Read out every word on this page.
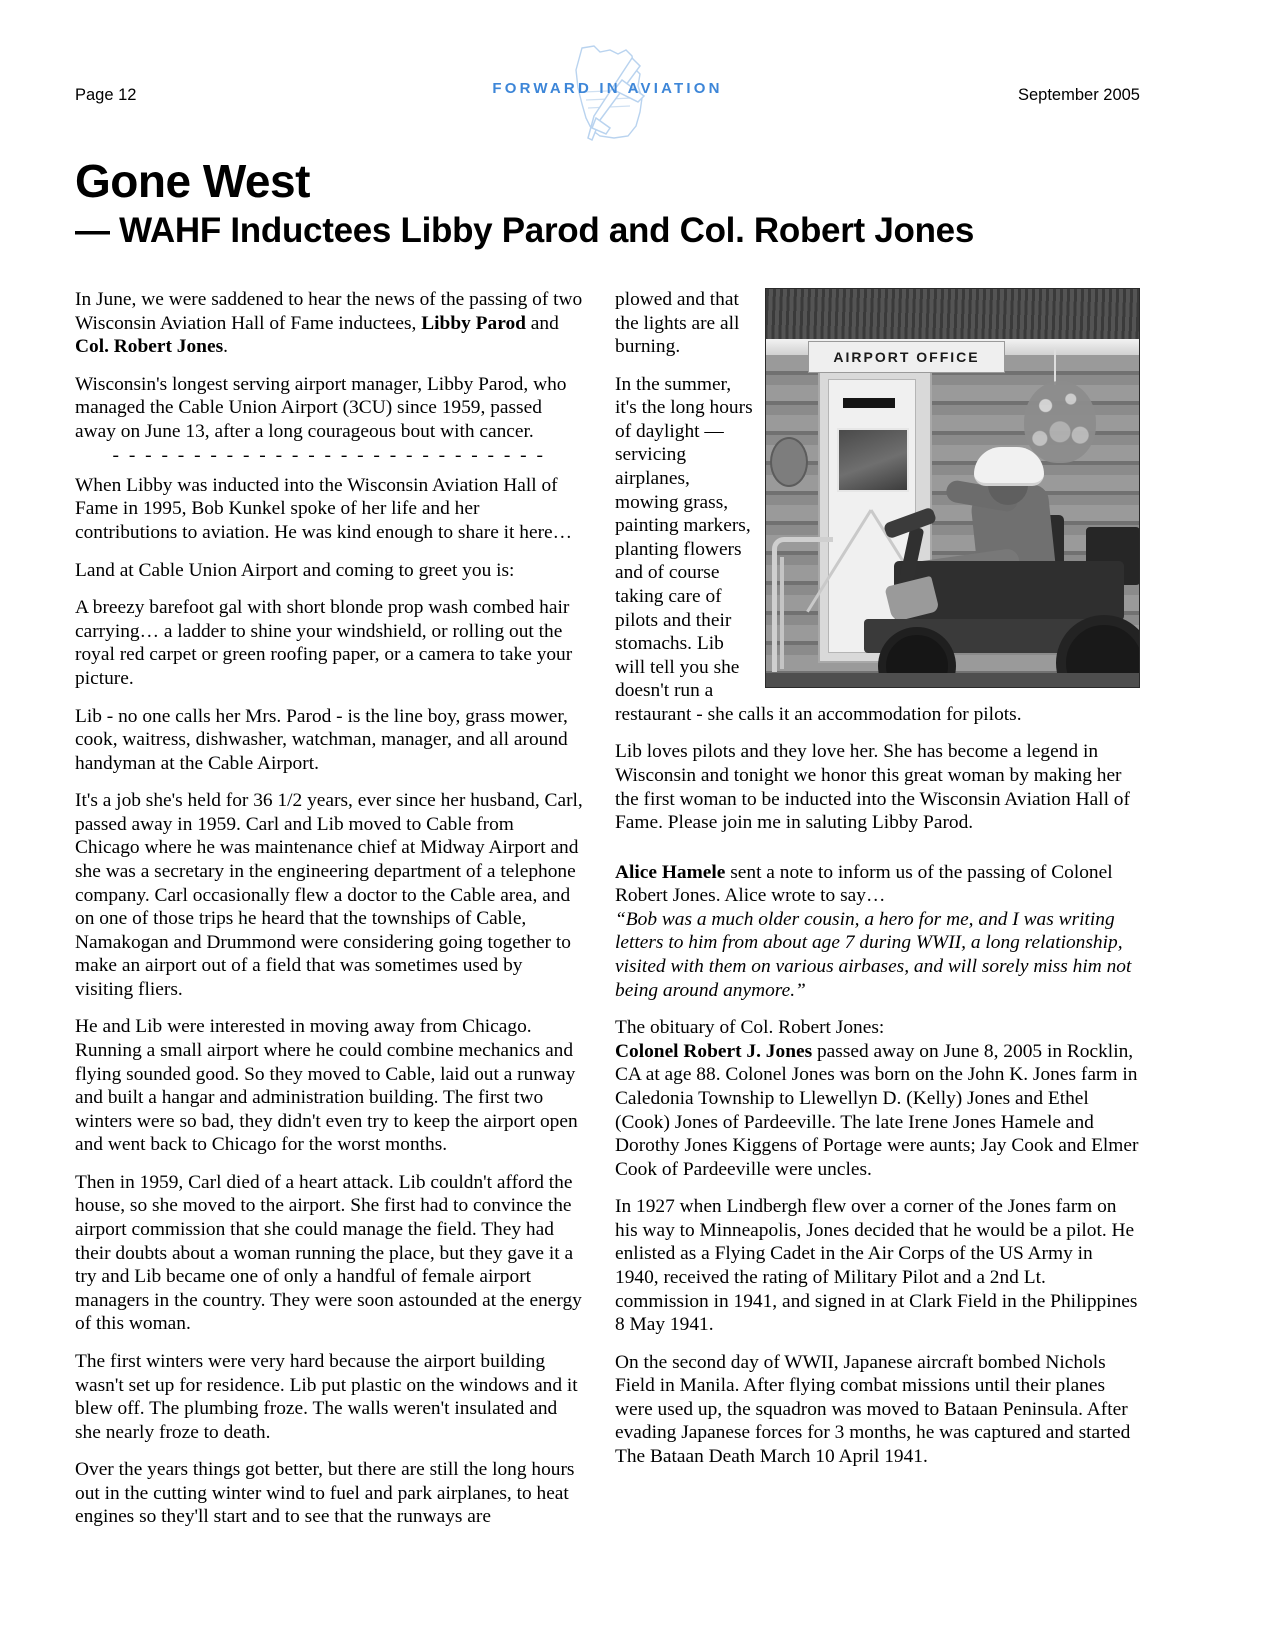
Page 12	FORWARD IN AVIATION	September 2005
Gone West
— WAHF Inductees Libby Parod and Col. Robert Jones

In June, we were saddened to hear the news of the passing of two Wisconsin Aviation Hall of Fame inductees, Libby Parod and Col. Robert Jones.

Wisconsin's longest serving airport manager, Libby Parod, who managed the Cable Union Airport (3CU) since 1959, passed away on June 13, after a long courageous bout with cancer.

- - - - - - - - - - - - - - - - - - - - - - - - - - -

When Libby was inducted into the Wisconsin Aviation Hall of Fame in 1995, Bob Kunkel spoke of her life and her contributions to aviation. He was kind enough to share it here…

Land at Cable Union Airport and coming to greet you is:

A breezy barefoot gal with short blonde prop wash combed hair carrying… a ladder to shine your windshield, or rolling out the royal red carpet or green roofing paper, or a camera to take your picture.

Lib - no one calls her Mrs. Parod - is the line boy, grass mower, cook, waitress, dishwasher, watchman, manager, and all around handyman at the Cable Airport.

It's a job she's held for 36 1/2 years, ever since her husband, Carl, passed away in 1959. Carl and Lib moved to Cable from Chicago where he was maintenance chief at Midway Airport and she was a secretary in the engineering department of a telephone company. Carl occasionally flew a doctor to the Cable area, and on one of those trips he heard that the townships of Cable, Namakogan and Drummond were considering going together to make an airport out of a field that was sometimes used by visiting fliers.

He and Lib were interested in moving away from Chicago. Running a small airport where he could combine mechanics and flying sounded good. So they moved to Cable, laid out a runway and built a hangar and administration building. The first two winters were so bad, they didn't even try to keep the airport open and went back to Chicago for the worst months.

Then in 1959, Carl died of a heart attack. Lib couldn't afford the house, so she moved to the airport. She first had to convince the airport commission that she could manage the field. They had their doubts about a woman running the place, but they gave it a try and Lib became one of only a handful of female airport managers in the country. They were soon astounded at the energy of this woman.

The first winters were very hard because the airport building wasn't set up for residence. Lib put plastic on the windows and it blew off. The plumbing froze. The walls weren't insulated and she nearly froze to death.

Over the years things got better, but there are still the long hours out in the cutting winter wind to fuel and park airplanes, to heat engines so they'll start and to see that the runways are

AIRPORT OFFICE

plowed and that the lights are all burning.

In the summer, it's the long hours of daylight — servicing airplanes, mowing grass, painting markers, planting flowers and of course taking care of pilots and their stomachs. Lib will tell you she doesn't run a restaurant - she calls it an accommodation for pilots.

Lib loves pilots and they love her. She has become a legend in Wisconsin and tonight we honor this great woman by making her the first woman to be inducted into the Wisconsin Aviation Hall of Fame. Please join me in saluting Libby Parod.

Alice Hamele sent a note to inform us of the passing of Colonel Robert Jones. Alice wrote to say…

“Bob was a much older cousin, a hero for me, and I was writing letters to him from about age 7 during WWII, a long relationship, visited with them on various airbases, and will sorely miss him not being around anymore.”

The obituary of Col. Robert Jones:

Colonel Robert J. Jones passed away on June 8, 2005 in Rocklin, CA at age 88. Colonel Jones was born on the John K. Jones farm in Caledonia Township to Llewellyn D. (Kelly) Jones and Ethel (Cook) Jones of Pardeeville. The late Irene Jones Hamele and Dorothy Jones Kiggens of Portage were aunts; Jay Cook and Elmer Cook of Pardeeville were uncles.

In 1927 when Lindbergh flew over a corner of the Jones farm on his way to Minneapolis, Jones decided that he would be a pilot. He enlisted as a Flying Cadet in the Air Corps of the US Army in 1940, received the rating of Military Pilot and a 2nd Lt. commission in 1941, and signed in at Clark Field in the Philippines 8 May 1941.

On the second day of WWII, Japanese aircraft bombed Nichols Field in Manila. After flying combat missions until their planes were used up, the squadron was moved to Bataan Peninsula. After evading Japanese forces for 3 months, he was captured and started The Bataan Death March 10 April 1941.
